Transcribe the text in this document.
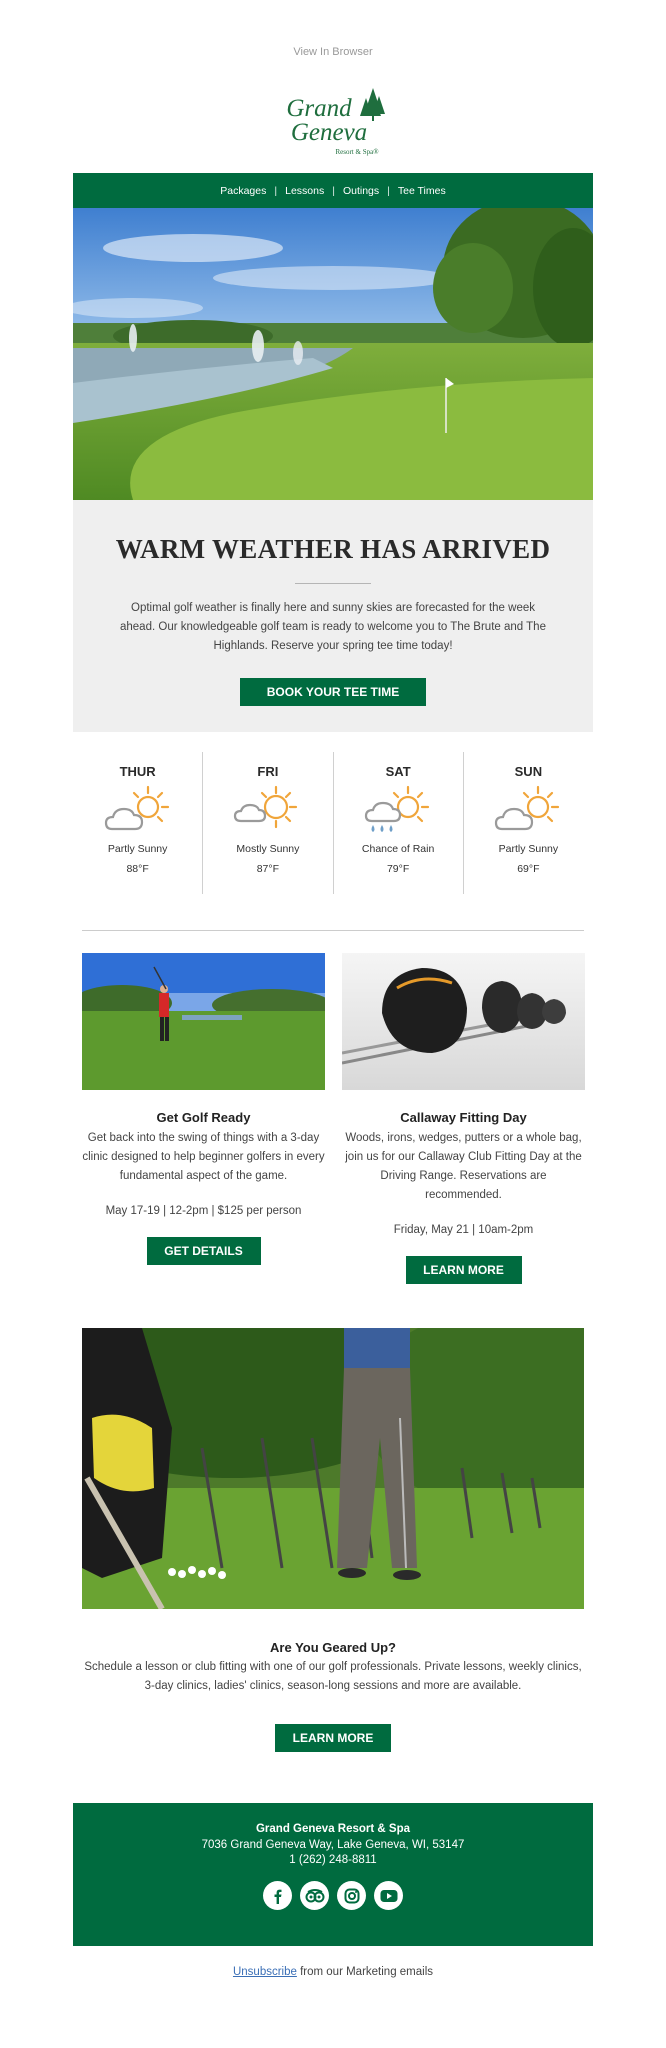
View In Browser
Grand
Geneva
Resort & Spa®
Packages | Lessons | Outings | Tee Times
WARM WEATHER HAS ARRIVED

Optimal golf weather is finally here and sunny skies are forecasted for the week ahead. Our knowledgeable golf team is ready to welcome you to The Brute and The Highlands. Reserve your spring tee time today!

BOOK YOUR TEE TIME
THUR
Partly Sunny
88°F
FRI
Mostly Sunny
87°F
SAT
Chance of Rain
79°F
SUN
Partly Sunny
69°F
Get Golf Ready

Get back into the swing of things with a 3-day clinic designed to help beginner golfers in every fundamental aspect of the game.

May 17-19 | 12-2pm | $125 per person

GET DETAILS
Callaway Fitting Day

Woods, irons, wedges, putters or a whole bag, join us for our Callaway Club Fitting Day at the Driving Range. Reservations are recommended.

Friday, May 21 | 10am-2pm

LEARN MORE
Are You Geared Up?

Schedule a lesson or club fitting with one of our golf professionals. Private lessons, weekly clinics, 3-day clinics, ladies' clinics, season-long sessions and more are available.

LEARN MORE
Grand Geneva Resort & Spa
7036 Grand Geneva Way, Lake Geneva, WI, 53147
1 (262) 248-8811
Unsubscribe from our Marketing emails
